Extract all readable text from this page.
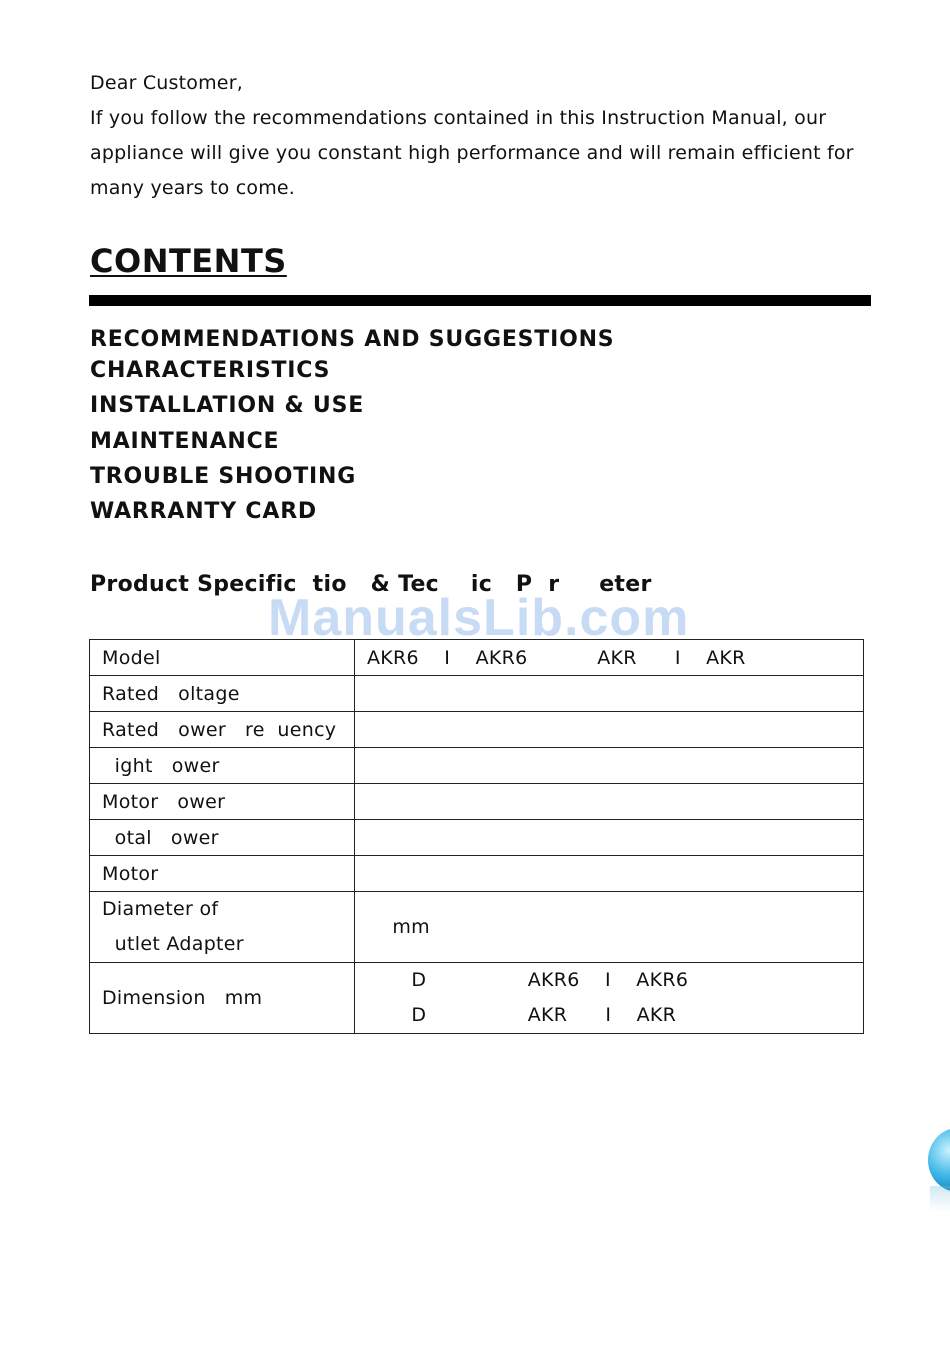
Dear Customer,

If you follow the recommendations contained in this Instruction Manual, our appliance will give you constant high performance and will remain efficient for many years to come.

CONTENTS
RECOMMENDATIONS AND SUGGESTIONS
CHARACTERISTICS
INSTALLATION & USE
MAINTENANCE
TROUBLE SHOOTING
WARRANTY CARD
Product Specific  tio   & Tec    ic   P  r     eter
ManualsLib.com
Model	AKR6    I    AKR6           AKR      I    AKR
Rated   oltage	
Rated   ower   re  uency	
ight   ower	
Motor   ower	
otal   ower	
Motor	

Diameter of
utlet Adapter	mm
Dimension   mm	D                AKR6    I    AKR6
D                AKR      I    AKR
